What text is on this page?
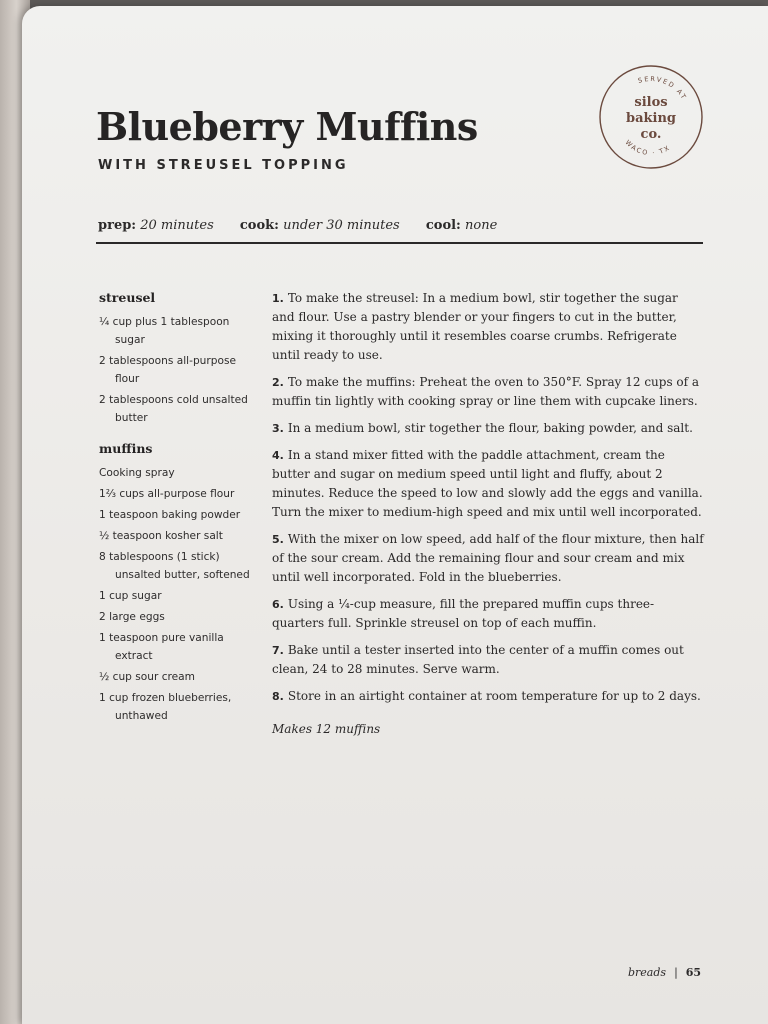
Blueberry Muffins
WITH STREUSEL TOPPING
SERVED AT
silos
baking
co.
WACO · TX
prep: 20 minutes cook: under 30 minutes cool: none
streusel
¼ cup plus 1 tablespoon sugar
2 tablespoons all-purpose flour
2 tablespoons cold unsalted butter
muffins
Cooking spray
1⅔ cups all-purpose flour
1 teaspoon baking powder
½ teaspoon kosher salt
8 tablespoons (1 stick) unsalted butter, softened
1 cup sugar
2 large eggs
1 teaspoon pure vanilla extract
½ cup sour cream
1 cup frozen blueberries, unthawed
1. To make the streusel: In a medium bowl, stir together the sugar and flour. Use a pastry blender or your fingers to cut in the butter, mixing it thoroughly until it resembles coarse crumbs. Refrigerate until ready to use.
2. To make the muffins: Preheat the oven to 350°F. Spray 12 cups of a muffin tin lightly with cooking spray or line them with cupcake liners.
3. In a medium bowl, stir together the flour, baking powder, and salt.
4. In a stand mixer fitted with the paddle attachment, cream the butter and sugar on medium speed until light and fluffy, about 2 minutes. Reduce the speed to low and slowly add the eggs and vanilla. Turn the mixer to medium-high speed and mix until well incorporated.
5. With the mixer on low speed, add half of the flour mixture, then half of the sour cream. Add the remaining flour and sour cream and mix until well incorporated. Fold in the blueberries.
6. Using a ¼-cup measure, fill the prepared muffin cups three-quarters full. Sprinkle streusel on top of each muffin.
7. Bake until a tester inserted into the center of a muffin comes out clean, 24 to 28 minutes. Serve warm.
8. Store in an airtight container at room temperature for up to 2 days.
Makes 12 muffins
breads | 65
